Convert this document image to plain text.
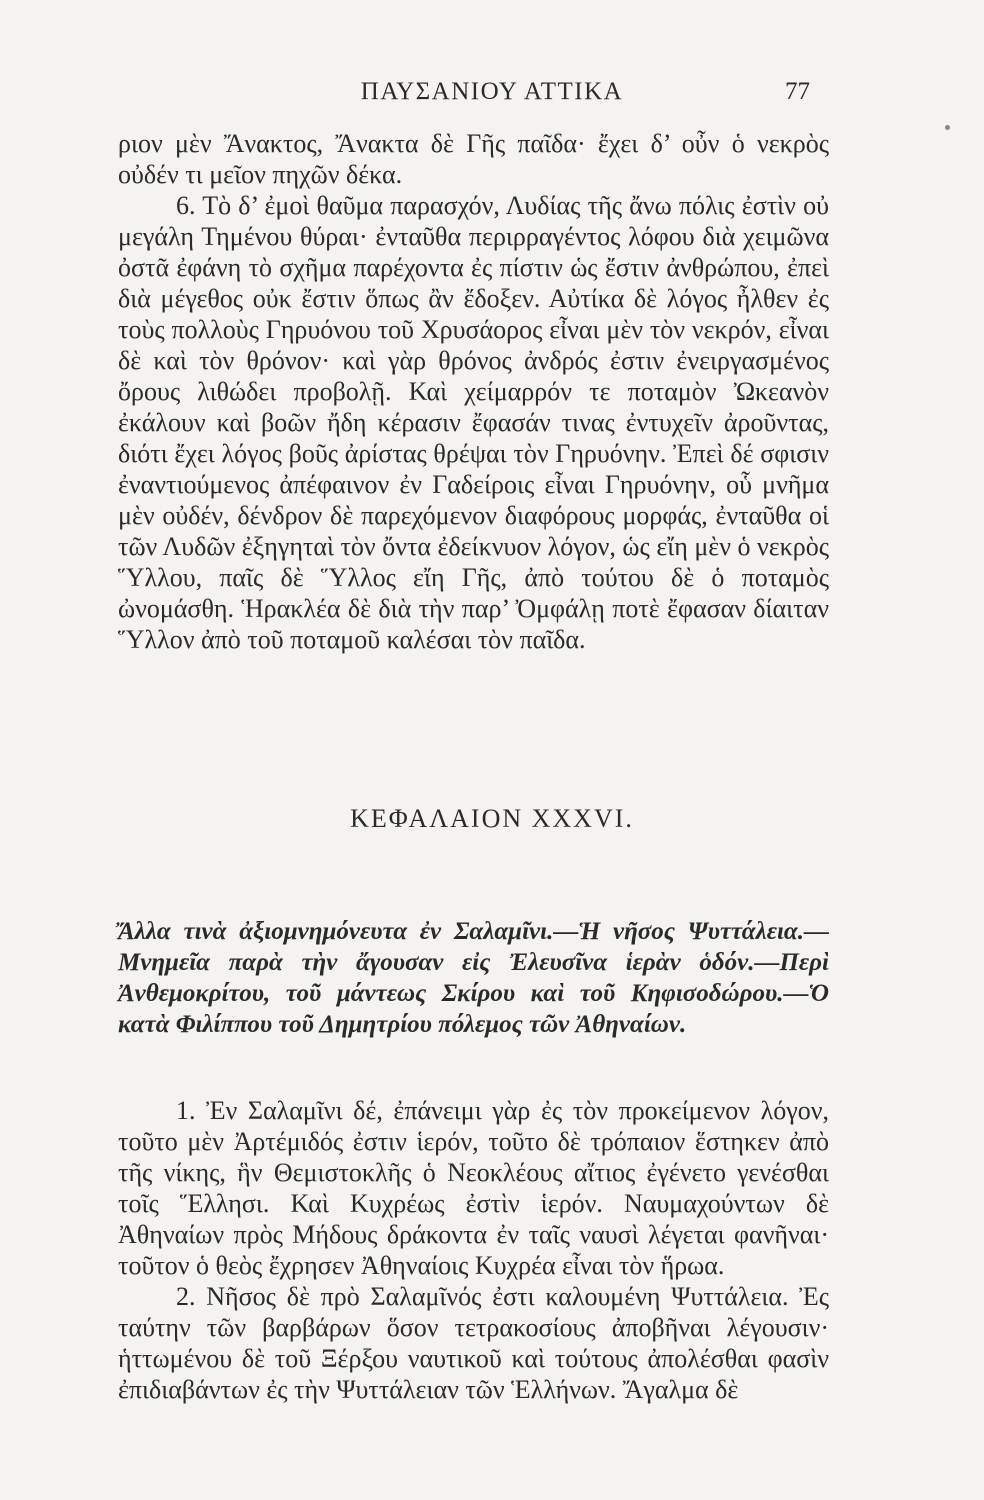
ΠΑΥΣΑΝΙΟΥ ΑΤΤΙΚΑ	77

ριον μὲν Ἄνακτος, Ἄνακτα δὲ Γῆς παῖδα· ἔχει δ’ οὖν ὁ νεκρὸς οὐδέν τι μεῖον πηχῶν δέκα.

6. Τὸ δ’ ἐμοὶ θαῦμα παρασχόν, Λυδίας τῆς ἄνω πόλις ἐστὶν οὐ μεγάλη Τημένου θύραι· ἐνταῦθα περιρραγέντος λόφου διὰ χειμῶνα ὀστᾶ ἐφάνη τὸ σχῆμα παρέχοντα ἐς πίστιν ὡς ἔστιν ἀνθρώπου, ἐπεὶ διὰ μέγεθος οὐκ ἔστιν ὅπως ἂν ἔδοξεν. Αὐτίκα δὲ λόγος ἦλθεν ἐς τοὺς πολλοὺς Γηρυόνου τοῦ Χρυσάορος εἶναι μὲν τὸν νεκρόν, εἶναι δὲ καὶ τὸν θρόνον· καὶ γὰρ θρόνος ἀνδρός ἐστιν ἐνειργασμένος ὄρους λιθώδει προβολῇ. Καὶ χείμαρρόν τε ποταμὸν Ὠκεανὸν ἐκάλουν καὶ βοῶν ἤδη κέρασιν ἔφασάν τινας ἐντυχεῖν ἀροῦντας, διότι ἔχει λόγος βοῦς ἀρίστας θρέψαι τὸν Γηρυόνην. Ἐπεὶ δέ σφισιν ἐναντιούμενος ἀπέφαινον ἐν Γαδείροις εἶναι Γηρυόνην, οὗ μνῆμα μὲν οὐδέν, δένδρον δὲ παρεχόμενον διαφόρους μορφάς, ἐνταῦθα οἱ τῶν Λυδῶν ἐξηγηταὶ τὸν ὄντα ἐδείκνυον λόγον, ὡς εἴη μὲν ὁ νεκρὸς Ὕλλου, παῖς δὲ Ὕλλος εἴη Γῆς, ἀπὸ τούτου δὲ ὁ ποταμὸς ὠνομάσθη. Ἡρακλέα δὲ διὰ τὴν παρ’ Ὀμφάλῃ ποτὲ ἔφασαν δίαιταν Ὕλλον ἀπὸ τοῦ ποταμοῦ καλέσαι τὸν παῖδα.

ΚΕΦΑΛΑΙΟΝ ΧΧΧVΙ.
Ἄλλα τινὰ ἀξιομνημόνευτα ἐν Σαλαμῖνι.—Ἡ νῆσος Ψυττάλεια.—Μνημεῖα παρὰ τὴν ἄγουσαν εἰς Ἐλευσῖνα ἱερὰν ὁδόν.—Περὶ Ἀνθεμοκρίτου, τοῦ μάντεως Σκίρου καὶ τοῦ Κηφισοδώρου.—Ὁ κατὰ Φιλίππου τοῦ Δημητρίου πόλεμος τῶν Ἀθηναίων.

1. Ἐν Σαλαμῖνι δέ, ἐπάνειμι γὰρ ἐς τὸν προκείμενον λόγον, τοῦτο μὲν Ἀρτέμιδός ἐστιν ἱερόν, τοῦτο δὲ τρόπαιον ἕστηκεν ἀπὸ τῆς νίκης, ἣν Θεμιστοκλῆς ὁ Νεοκλέους αἴτιος ἐγένετο γενέσθαι τοῖς Ἕλλησι. Καὶ Κυχρέως ἐστὶν ἱερόν. Ναυμαχούντων δὲ Ἀθηναίων πρὸς Μήδους δράκοντα ἐν ταῖς ναυσὶ λέγεται φανῆναι· τοῦτον ὁ θεὸς ἔχρησεν Ἀθηναίοις Κυχρέα εἶναι τὸν ἥρωα.

2. Νῆσος δὲ πρὸ Σαλαμῖνός ἐστι καλουμένη Ψυττάλεια. Ἐς ταύτην τῶν βαρβάρων ὅσον τετρακοσίους ἀποβῆναι λέγουσιν· ἡττωμένου δὲ τοῦ Ξέρξου ναυτικοῦ καὶ τούτους ἀπολέσθαι φασὶν ἐπιδιαβάντων ἐς τὴν Ψυττάλειαν τῶν Ἑλλήνων. Ἄγαλμα δὲ
